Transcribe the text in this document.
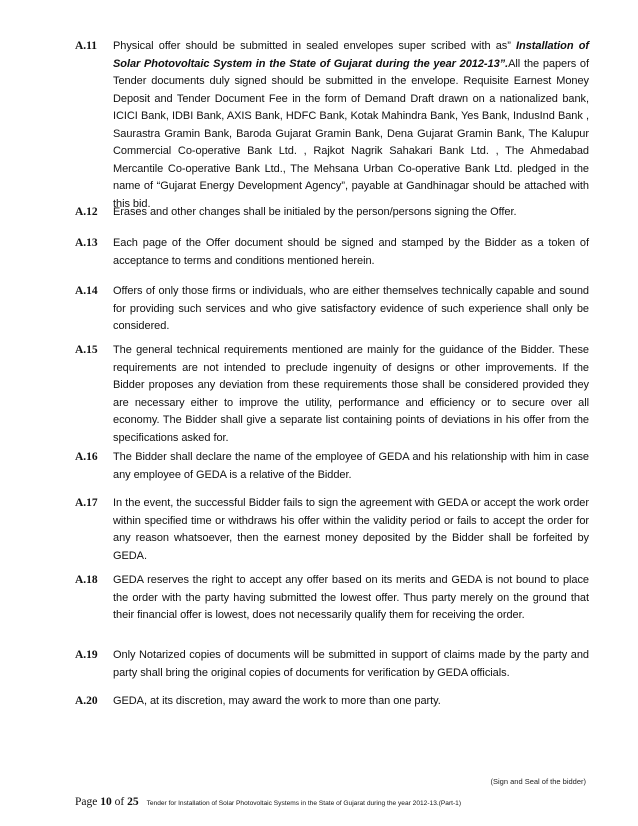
A.11	Physical offer should be submitted in sealed envelopes super scribed with as” Installation of Solar Photovoltaic System in the State of Gujarat during the year 2012-13”.All the papers of Tender documents duly signed should be submitted in the envelope. Requisite Earnest Money Deposit and Tender Document Fee in the form of Demand Draft drawn on a nationalized bank, ICICI Bank, IDBI Bank, AXIS Bank, HDFC Bank, Kotak Mahindra Bank, Yes Bank, IndusInd Bank , Saurastra Gramin Bank, Baroda Gujarat Gramin Bank, Dena Gujarat Gramin Bank, The Kalupur Commercial Co-operative Bank Ltd. , Rajkot Nagrik Sahakari Bank Ltd. , The Ahmedabad Mercantile Co-operative Bank Ltd., The Mehsana Urban Co-operative Bank Ltd. pledged in the name of “Gujarat Energy Development Agency”, payable at Gandhinagar should be attached with this bid.
A.12	Erases and other changes shall be initialed by the person/persons signing the Offer.
A.13	Each page of the Offer document should be signed and stamped by the Bidder as a token of acceptance to terms and conditions mentioned herein.
A.14	Offers of only those firms or individuals, who are either themselves technically capable and sound for providing such services and who give satisfactory evidence of such experience shall only be considered.
A.15	The general technical requirements mentioned are mainly for the guidance of the Bidder. These requirements are not intended to preclude ingenuity of designs or other improvements. If the Bidder proposes any deviation from these requirements those shall be considered provided they are necessary either to improve the utility, performance and efficiency or to secure over all economy. The Bidder shall give a separate list containing points of deviations in his offer from the specifications asked for.
A.16	The Bidder shall declare the name of the employee of GEDA and his relationship with him in case any employee of GEDA is a relative of the Bidder.
A.17	In the event, the successful Bidder fails to sign the agreement with GEDA or accept the work order within specified time or withdraws his offer within the validity period or fails to accept the order for any reason whatsoever, then the earnest money deposited by the Bidder shall be forfeited by GEDA.
A.18	GEDA reserves the right to accept any offer based on its merits and GEDA is not bound to place the order with the party having submitted the lowest offer. Thus party merely on the ground that their financial offer is lowest, does not necessarily qualify them for receiving the order.
A.19	Only Notarized copies of documents will be submitted in support of claims made by the party and party shall bring the original copies of documents for verification by GEDA officials.
A.20	GEDA, at its discretion, may award the work to more than one party.
(Sign and Seal of the bidder)
Page 10 of 25 Tender for Installation of Solar Photovoltaic Systems in the State of Gujarat during the year 2012-13.(Part-1)
